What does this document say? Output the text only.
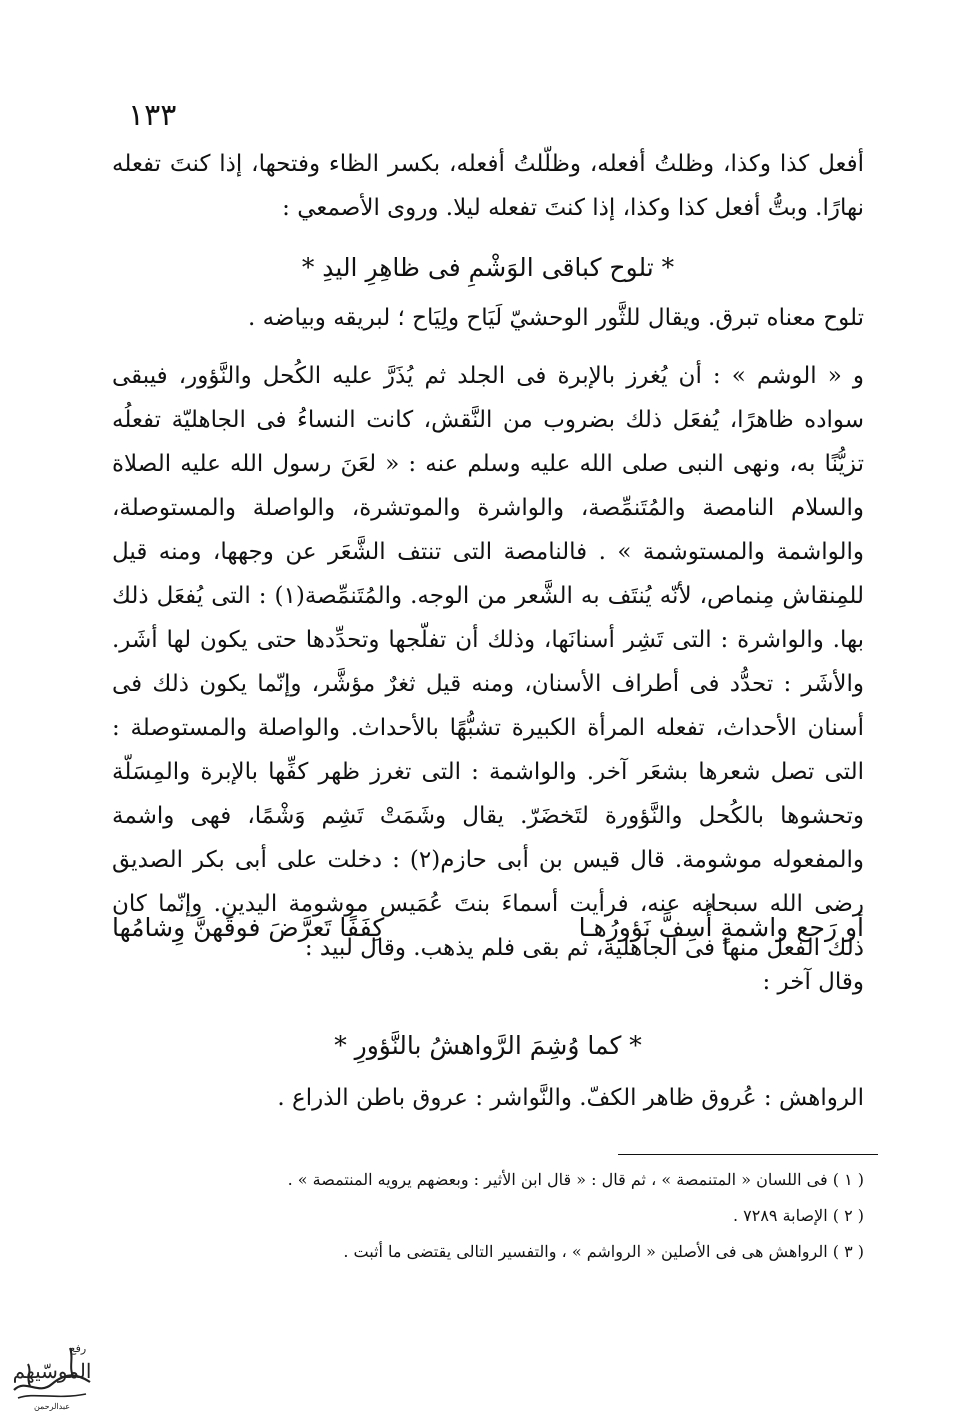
١٣٣
أفعل كذا وكذا، وظلتُ أفعله، وظلّلتُ أفعله، بكسر الظاء وفتحها، إذا كنتَ تفعله نهارًا. وبتُّ أفعل كذا وكذا، إذا كنتَ تفعله ليلا. وروى الأصمعي :
* تلوح كباقى الوَشْمِ فى ظاهِرِ اليدِ *
تلوح معناه تبرق. ويقال للثَّور الوحشيّ لَيَاح ولِيَاح ؛ لبريقه وبياضه .
و « الوشم » : أن يُغرز بالإبرة فى الجلد ثم يُذَرَّ عليه الكُحل والنَّؤور، فيبقى سواده ظاهرًا، يُفعَل ذلك بضروب من النَّقش، كانت النساءُ فى الجاهليّة تفعلُه تزيُّنًا به، ونهى النبى صلى الله عليه وسلم عنه : « لعَنَ رسول الله عليه الصلاة والسلام النامصة والمُتَنمِّصة، والواشرة والموتشرة، والواصلة والمستوصلة، والواشمة والمستوشمة » . فالنامصة التى تنتف الشَّعَر عن وجهها، ومنه قيل للمِنقاش مِنماص، لأنّه يُنتَف به الشَّعر من الوجه. والمُتَنمِّصة(١) : التى يُفعَل ذلك بها. والواشرة : التى تَشِر أسنانَها، وذلك أن تفلّجها وتحدِّدها حتى يكون لها أشَر. والأشَر : تحدُّد فى أطراف الأسنان، ومنه قيل ثغرٌ مؤشَّر، وإنّما يكون ذلك فى أسنان الأحداث، تفعله المرأة الكبيرة تشبُّهًا بالأحداث. والواصلة والمستوصلة : التى تصل شعرها بشعَر آخر. والواشمة : التى تغرز ظهر كفِّها بالإبرة والمِسَلّة وتحشوها بالكُحل والنَّؤورة لتَخضَرّ. يقال وشَمَتْ تَشِم وَشْمًا، فهى واشمة والمفعوله موشومة. قال قيس بن أبى حازم(٢) : دخلت على أبى بكر الصديق رضى الله سبحانه عنه، فرأيت أسماءَ بنتَ عُمَيس موشومة اليدين. وإنّما كان ذلك الفعل منها فى الجاهلية، ثم بقى فلم يذهب. وقال لبيد :
أو رَجع واشمةٍ أُسِفَّ نَؤورُهـا
كِفَفًا تَعرَّضَ فوقَهنَّ وِشامُها
وقال آخر :
* كما وُشِمَ الرَّواهشُ بالنَّؤورِ *
الرواهش : عُروق ظاهر الكفّ. والنَّواشر : عروق باطن الذراع .
( ١ ) فى اللسان « المتنمصة » ، ثم قال : « قال ابن الأثير : وبعضهم يرويه المنتمصة » .
( ٢ ) الإصابة ٧٢٨٩ .
( ٣ ) الرواهش هى فى الأصلين « الرواشم » ، والتفسير التالى يقتضى ما أثبت .
رفع
الموسّيهم
عبدالرحمن
